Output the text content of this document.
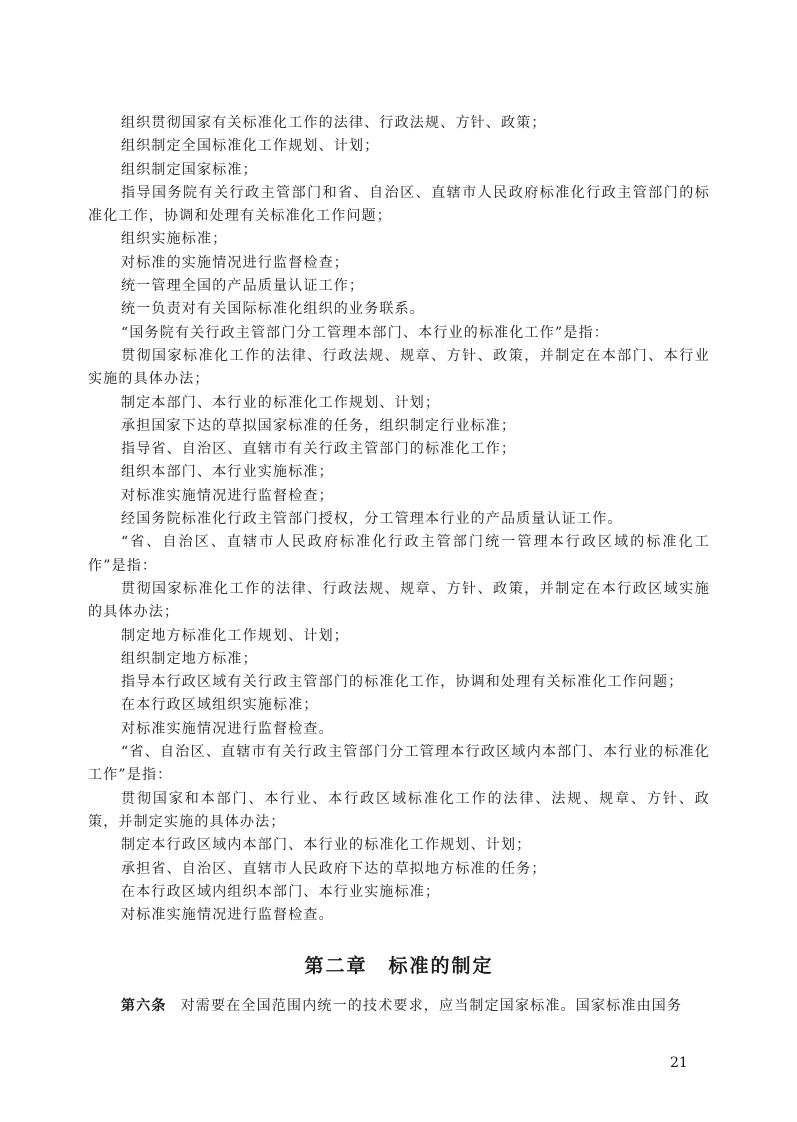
组织贯彻国家有关标准化工作的法律、行政法规、方针、政策；

组织制定全国标准化工作规划、计划；

组织制定国家标准；

指导国务院有关行政主管部门和省、自治区、直辖市人民政府标准化行政主管部门的标准化工作，协调和处理有关标准化工作问题；

组织实施标准；

对标准的实施情况进行监督检查；

统一管理全国的产品质量认证工作；

统一负责对有关国际标准化组织的业务联系。

“国务院有关行政主管部门分工管理本部门、本行业的标准化工作”是指：

贯彻国家标准化工作的法律、行政法规、规章、方针、政策，并制定在本部门、本行业实施的具体办法；

制定本部门、本行业的标准化工作规划、计划；

承担国家下达的草拟国家标准的任务，组织制定行业标准；

指导省、自治区、直辖市有关行政主管部门的标准化工作；

组织本部门、本行业实施标准；

对标准实施情况进行监督检查；

经国务院标准化行政主管部门授权，分工管理本行业的产品质量认证工作。

“省、自治区、直辖市人民政府标准化行政主管部门统一管理本行政区域的标准化工作”是指：

贯彻国家标准化工作的法律、行政法规、规章、方针、政策，并制定在本行政区域实施的具体办法；

制定地方标准化工作规划、计划；

组织制定地方标准；

指导本行政区域有关行政主管部门的标准化工作，协调和处理有关标准化工作问题；

在本行政区域组织实施标准；

对标准实施情况进行监督检查。

“省、自治区、直辖市有关行政主管部门分工管理本行政区域内本部门、本行业的标准化工作”是指：

贯彻国家和本部门、本行业、本行政区域标准化工作的法律、法规、规章、方针、政策，并制定实施的具体办法；

制定本行政区域内本部门、本行业的标准化工作规划、计划；

承担省、自治区、直辖市人民政府下达的草拟地方标准的任务；

在本行政区域内组织本部门、本行业实施标准；

对标准实施情况进行监督检查。

第二章　标准的制定

第六条 对需要在全国范围内统一的技术要求，应当制定国家标准。国家标准由国务

21
